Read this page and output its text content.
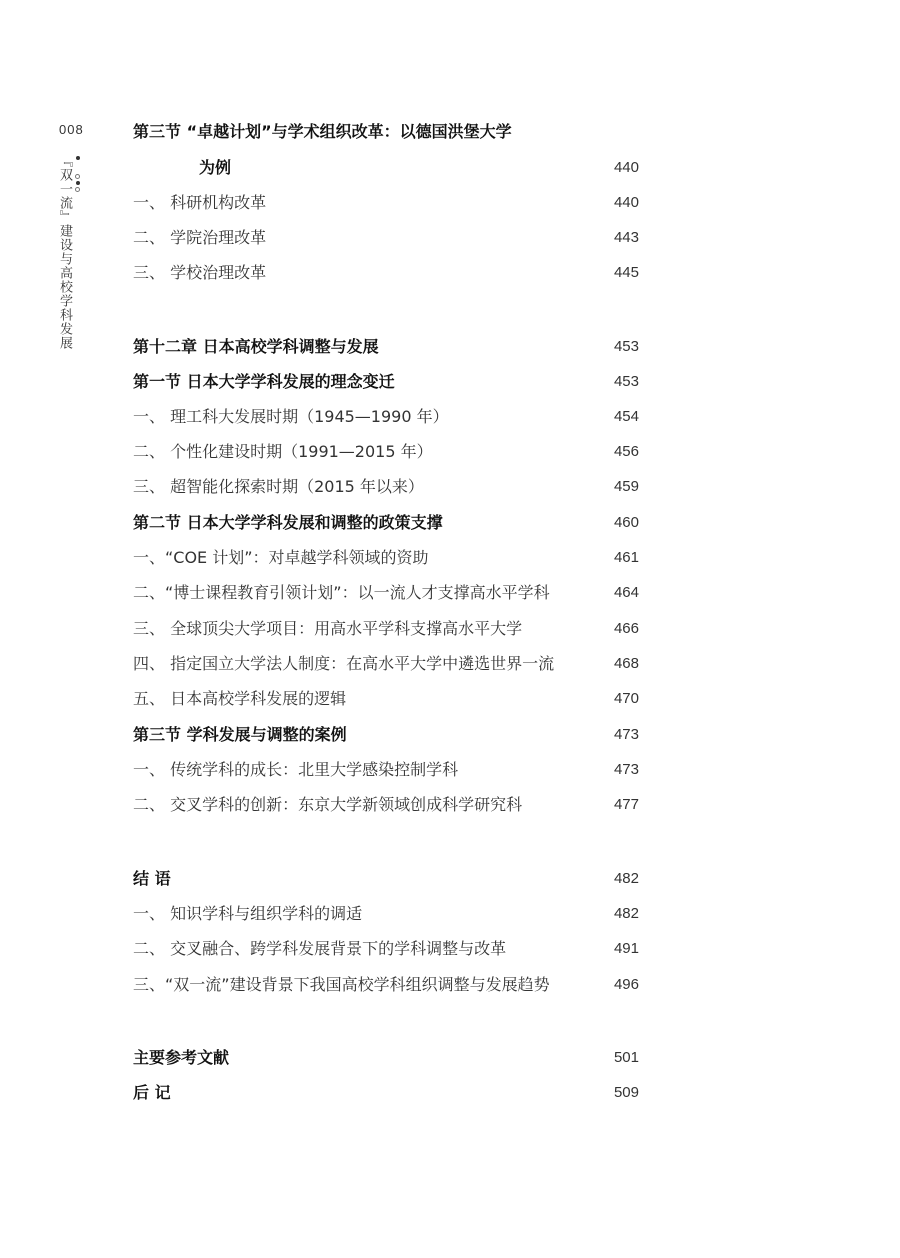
008
『双一流』建设与高校学科发展
第三节 “卓越计划”与学术组织改革：以德国洪堡大学
为例	440
一、 科研机构改革	440
二、 学院治理改革	443
三、 学校治理改革	445
第十二章 日本高校学科调整与发展	453
第一节 日本大学学科发展的理念变迁	453
一、 理工科大发展时期（1945—1990 年）	454
二、 个性化建设时期（1991—2015 年）	456
三、 超智能化探索时期（2015 年以来）	459
第二节 日本大学学科发展和调整的政策支撑	460
一、“COE 计划”：对卓越学科领域的资助	461
二、“博士课程教育引领计划”：以一流人才支撑高水平学科	464
三、 全球顶尖大学项目：用高水平学科支撑高水平大学	466
四、 指定国立大学法人制度：在高水平大学中遴选世界一流	468
五、 日本高校学科发展的逻辑	470
第三节 学科发展与调整的案例	473
一、 传统学科的成长：北里大学感染控制学科	473
二、 交叉学科的创新：东京大学新领域创成科学研究科	477
结 语	482
一、 知识学科与组织学科的调适	482
二、 交叉融合、跨学科发展背景下的学科调整与改革	491
三、“双一流”建设背景下我国高校学科组织调整与发展趋势	496
主要参考文献	501
后 记	509
